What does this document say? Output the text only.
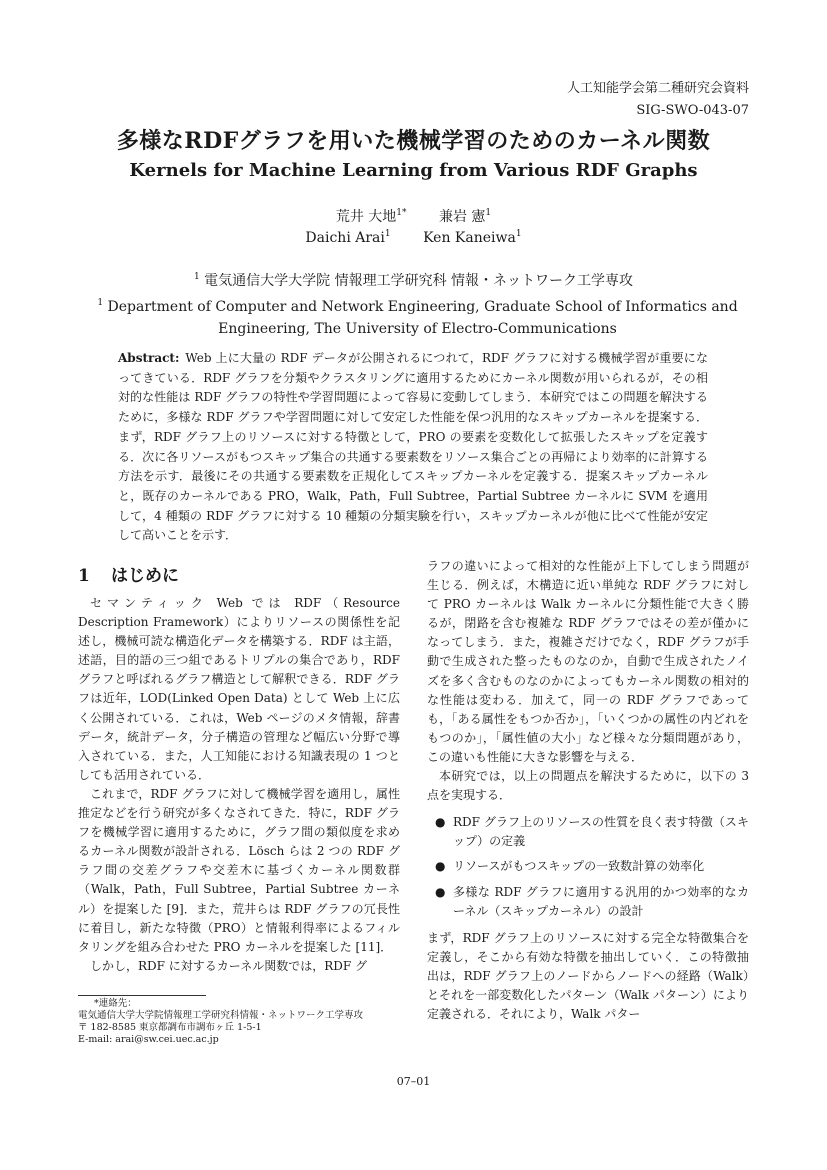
人工知能学会第二種研究会資料
SIG-SWO-043-07
多様なRDFグラフを用いた機械学習のためのカーネル関数
Kernels for Machine Learning from Various RDF Graphs
荒井 大地$^{1*}$ 兼岩 憲$^1$
Daichi Arai$^1$ Ken Kaneiwa$^1$
$^1$ 電気通信大学大学院 情報理工学研究科 情報・ネットワーク工学専攻
$^1$ Department of Computer and Network Engineering, Graduate School of Informatics and Engineering, The University of Electro-Communications
Abstract: Web 上に大量の RDF データが公開されるにつれて，RDF グラフに対する機械学習が重要になってきている．RDF グラフを分類やクラスタリングに適用するためにカーネル関数が用いられるが，その相対的な性能は RDF グラフの特性や学習問題によって容易に変動してしまう．本研究ではこの問題を解決するために，多様な RDF グラフや学習問題に対して安定した性能を保つ汎用的なスキップカーネルを提案する．まず，RDF グラフ上のリソースに対する特徴として，PRO の要素を変数化して拡張したスキップを定義する．次に各リソースがもつスキップ集合の共通する要素数をリソース集合ごとの再帰により効率的に計算する方法を示す．最後にその共通する要素数を正規化してスキップカーネルを定義する．提案スキップカーネルと，既存のカーネルである PRO，Walk，Path，Full Subtree，Partial Subtree カーネルに SVM を適用して，4 種類の RDF グラフに対する 10 種類の分類実験を行い，スキップカーネルが他に比べて性能が安定して高いことを示す．
1 はじめに

セマンティック Web では RDF（Resource Description Framework）によりリソースの関係性を記述し，機械可読な構造化データを構築する．RDF は主語，述語，目的語の三つ組であるトリプルの集合であり，RDF グラフと呼ばれるグラフ構造として解釈できる．RDF グラフは近年，LOD(Linked Open Data) として Web 上に広く公開されている．これは，Web ページのメタ情報，辞書データ，統計データ，分子構造の管理など幅広い分野で導入されている．また，人工知能における知識表現の 1 つとしても活用されている．

これまで，RDF グラフに対して機械学習を適用し，属性推定などを行う研究が多くなされてきた．特に，RDF グラフを機械学習に適用するために，グラフ間の類似度を求めるカーネル関数が設計される．Lösch らは 2 つの RDF グラフ間の交差グラフや交差木に基づくカーネル関数群（Walk，Path，Full Subtree，Partial Subtree カーネル）を提案した [9]．また，荒井らは RDF グラフの冗長性に着目し，新たな特徴（PRO）と情報利得率によるフィルタリングを組み合わせた PRO カーネルを提案した [11]．

しかし，RDF に対するカーネル関数では，RDF グ

ラフの違いによって相対的な性能が上下してしまう問題が生じる．例えば，木構造に近い単純な RDF グラフに対して PRO カーネルは Walk カーネルに分類性能で大きく勝るが，閉路を含む複雑な RDF グラフではその差が僅かになってしまう．また，複雑さだけでなく，RDF グラフが手動で生成された整ったものなのか，自動で生成されたノイズを多く含むものなのかによってもカーネル関数の相対的な性能は変わる．加えて，同一の RDF グラフであっても，「ある属性をもつか否か」，「いくつかの属性の内どれをもつのか」，「属性値の大小」など様々な分類問題があり，この違いも性能に大きな影響を与える．

本研究では，以上の問題点を解決するために，以下の 3 点を実現する．

● RDF グラフ上のリソースの性質を良く表す特徴（スキップ）の定義
● リソースがもつスキップの一致数計算の効率化
● 多様な RDF グラフに適用する汎用的かつ効率的なカーネル（スキップカーネル）の設計

まず，RDF グラフ上のリソースに対する完全な特徴集合を定義し，そこから有効な特徴を抽出していく．この特徴抽出は，RDF グラフ上のノードからノードへの経路（Walk）とそれを一部変数化したパターン（Walk パターン）により定義される．それにより，Walk パター

*連絡先：
電気通信大学大学院情報理工学研究科情報・ネットワーク工学専攻
〒 182-8585 東京都調布市調布ヶ丘 1-5-1
E-mail: arai@sw.cei.uec.ac.jp
07–01
